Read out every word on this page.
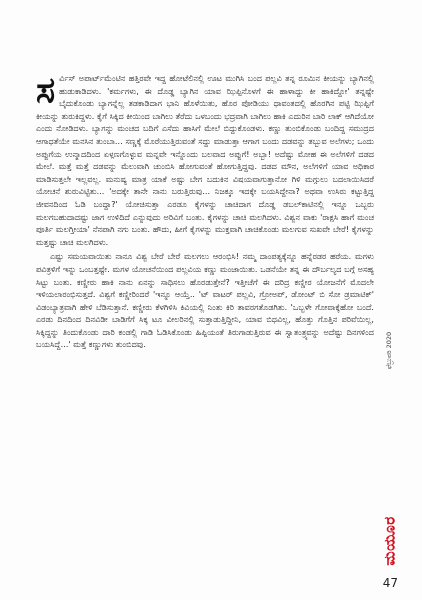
ಸ ರ್ವಿಸ್ ಅಪಾರ್ಟ್‌ಮೆಂಟಿನ ಹತ್ತಿರವೇ ಇದ್ದ ಹೋಟೆಲಿನಲ್ಲಿ ಊಟ ಮುಗಿಸಿ ಬಂದ ಪಲ್ಲವಿ ತನ್ನ ರೂಮಿನ ಕೀಯನ್ನು ಬ್ಯಾಗಿನಲ್ಲಿ ಹುಡುಕಾಡಿದಳು. 'ಕರ್ಮಗಳು, ಈ ದೊಡ್ಡ ಬ್ಯಾಗಿನ ಯಾವ ಝಿಪ್ಪಿನೊಳಗೆ ಈ ಹಾಳಾದ್ದು ಕೀ ಹಾಕಿದ್ದೋ' ತನ್ನಷ್ಟೇ ಬೈದುಕೊಂಡು ಬ್ಯಾಗನ್ನೆಲ್ಲ ತಡಕಾಡಿದಾಗ ಭಾನಿ ಹೊಳೆಯಿತು, ಹೊರ ಪೋಡಿಯು ಧಾವಂತದಲ್ಲಿ ಹೊರಗಿನ ಪಟ್ಟಿ ಝಿಪ್ಪಿಗೆ ಕೀಯನ್ನು ತುರುಕಿದ್ದಳು. ಕೈಗೆ ಸಿಕ್ಕಿದ ಕೀಯಿಂದ ಬಾಗಿಲು ತೆರೆದು ಒಳಬಂದು ಭದ್ರವಾಗಿ ಬಾಗಿಲು ಹಾಕಿ ಎದುರಿನ ಬಾರಿ ಲಾಕ್ ಆಗಿದೆಯೋ ಎಂದು ನೋಡಿದಳು. ಬ್ಯಾಗನ್ನು ಮಂಚದ ಬದಿಗೆ ಎಸೆದು ಹಾಸಿಗೆ ಮೇಲೆ ಬಿದ್ದುಕೊಂಡಳು. ಕಣ್ಣು ತುಂಬಿಕೊಂಡು ಬಂದಿದ್ದ ಸಮುದ್ರದ ಆಗಾಧತೆಯೇ ಮನಸಿನ ತುಂಬಾ... ಸಣ್ಣಕ್ಕೆ ಮೊರೆಯುತ್ತಿರುವಂತೆ ಸದ್ದು ಮಾಡುತ್ತಾ ಆಗಾಗ ಬಂದು ದಡವನ್ನು ತಬ್ಬುವ ಅಲೆಗಳು; ಒಂದು ಅಪ್ಪುಗೆಯ ಉನ್ಮಾದದಿಂದ ಏಳ್ಗಣಗೊಳ್ಳುವ ಮನ್ನವೇ ಇನ್ನೊಂದು ಬಲವಾದ ಅಪ್ಪುಗೆ! ಅಬ್ಬಾ! ಅದೆಷ್ಟು ಮೋಹ ಈ ಅಲೆಗಳಿಗೆ ದಡದ ಮೇಲೆ. ಮತ್ತೆ ಮತ್ತೆ ದಡವನ್ನು ಮೆಲುವಾಗಿ ಚುಂಬಿಸಿ ಹೋಗುವಂತೆ ಹೋಗುತ್ತಿದ್ದವು. ದಡದ ಮೌನ, ಅಲೆಗಳಿಗೆ ಯಾವ ಅಧಿಕಾರ ಮಾಡಿಸುತ್ತಲೇ ಇಲ್ಲವಲ್ಲ. ಮನುಷ್ಯ ಮಾತ್ರ ಯಾಕೆ ಅಷ್ಟು ಬೇಗ ಬದುಕಿನ ವಿಷಯವಾಗುತ್ತಾನೋ ಗಿಳಿ ಮಗ್ಗುಲು ಬದಲಾಯಿಸಿದರೆ ಯೋಚನೆ ಶುರುವಿಟ್ಟಿತು... 'ಅದಕ್ಕೇ ತಾನೇ ನಾನು ಬರುತ್ತಿರುವು... ನಿಜಕ್ಕೂ ಇದಕ್ಕೇ ಬಯಸಿದ್ದೇನಾ? ಅಥವಾ ಉಸಿರು ಕಟ್ಟುತ್ತಿದ್ದ ಜೀವನದಿಂದ ಓಡಿ ಬಂದ್ದಾ?' ಯೋಚಿಸುತ್ತಾ ಎರಡೂ ಕೈಗಳನ್ನು ಚಾಚಿದಾಗ ದೊಡ್ಡ ಡಬಲ್‌ಕಾಟಿನಲ್ಲಿ ಇನ್ನೂ ಒಬ್ಬರು ಮಲಗಬಹುದಾದಷ್ಟು ಜಾಗ ಉಳಿದಿದೆ ಎನ್ನುವುದು ಅರಿವಿಗೆ ಬಂತು. ಕೈಗಳನ್ನು ಚಾಚಿ ಮಲಗಿದಳು. ವಿಶ್ವನ ವಾಕು 'ರಾಕ್ಷಸಿ ಹಾಗೆ ಮಂಚ ಪೂರ್ತಿ ಮಲಗ್ತೀಯಾ' ನೆನಪಾಗಿ ನಗು ಬಂತು. ಹೌದು, ಹೀಗೆ ಕೈಗಳನ್ನು ಮುಕ್ತವಾಗಿ ಚಾಚಿಕೊಂಡು ಮಲಗುವ ಸುಖವೇ ಬೇರೆ! ಕೈಗಳನ್ನು ಮತ್ತಷ್ಟು ಚಾಚಿ ಮಲಗಿದಳು.

ಎಷ್ಟು ಸಮಯವಾಯಿತು ನಾನೂ ವಿಶ್ವ ಬೇರೆ ಬೇರೆ ಮಲಗಲು ಆರಂಭಿಸಿ! ನಮ್ಮ ದಾಂಪತ್ಯಕ್ಕೆನ್ನೂ ಹನ್ನೆರಡರ ಹರೆಯ. ಮಗಳು ಪವಿತ್ರಳಿಗೆ ಇನ್ನು ಒಂಬತ್ತಷ್ಟೇ. ಮಗಳ ಯೋಚನೆಯಿಂದ ಪಲ್ಲವಿಯ ಕಣ್ಣು ಮಂಜಾಯಿತು. ಒಡನೆಯೇ ತನ್ನ ಈ ದೌರ್ಬಲ್ಯದ ಬಗ್ಗೆ ಅಸಹ್ಯ ಸಿಟ್ಟು ಬಂತು. ಕಣ್ಣೀರು ಹಾಕಿ ನಾನು ಏನನ್ನು ಸಾಧಿಸಲು ಹೊರಡುತ್ತೇನೆ? ಇತ್ತೀಚೆಗೆ ಈ ದರಿದ್ರ ಕಣ್ಣೀರ ಯೋಜನೆಗೆ ಮೊದಲೇ ಇಳಿಯಲಾರಂಭಿಸುತ್ತದೆ. ವಿಶ್ವಗೆ ಕಣ್ಣೀರಿಂದರೆ 'ಇನ್ನೂ ಆಯ್ತೆ.. 'ಟ್ ವಾಟರ್ ಪಲ್ಲವಿ, ಗ್ರೋಅಪ್, ಡೋಂಟ್ ಬಿ ಸೋ ಡ್ರಮಾಟಿಕ್' ವಿಡಂಬ್ಯಾತ್ರವಾಗಿ ಹೇಳಿ ಬೆಡಿಸುತ್ತಾನೆ. ಕಣ್ಣೀರು ಕೆಳಗಿಳಿಸಿ ಕಿವಿಯಲ್ಲಿ ನಿಂತು ಕಿರಿ ತಾವರಗತೊಡಗಿತು. 'ಒಬ್ಬಳೇ ಗೋವಾಕ್ಕೆಹೋ ಬಂದೆ. ಎರಡು ದಿನದಿಂದ ದಿನವಿಡೀ ಬಾಡಿಗೆಗೆ ಸಿಕ್ಕ ಟೂ ವೀಲರಿನಲ್ಲಿ ಸುತ್ತಾಡುತ್ತಿದ್ದೀನಿ, ಯಾವ ಬಿಧವಿಲ್ಲ, ಹೊತ್ತು ಗೊತ್ತಿನ ಪರಿವೆಯಿಲ್ಲ, ಸಿಕ್ಕಿದ್ದನ್ನು ತಿಂದುಕೊಂಡು ದಾರಿ ಕಂಡಲ್ಲಿ ಗಾಡಿ ಓಡಿಸಿಕೊಂಡು ಹಿಪ್ಪಿಯಂತೆ ತಿರುಗಾಡುತ್ತಿರುವ ಈ ಸ್ವಾತಂತ್ರ್ಯವನ್ನು ಅದೆಷ್ಟು ದಿನಗಳಿಂದ ಬಯಸಿದ್ದೆ...' ಮತ್ತೆ ಕಣ್ಣುಗಳು ತುಂಬಿದವು.	ಫೆಬ್ರುವರಿ 2020
ಮಯೂರ
47
